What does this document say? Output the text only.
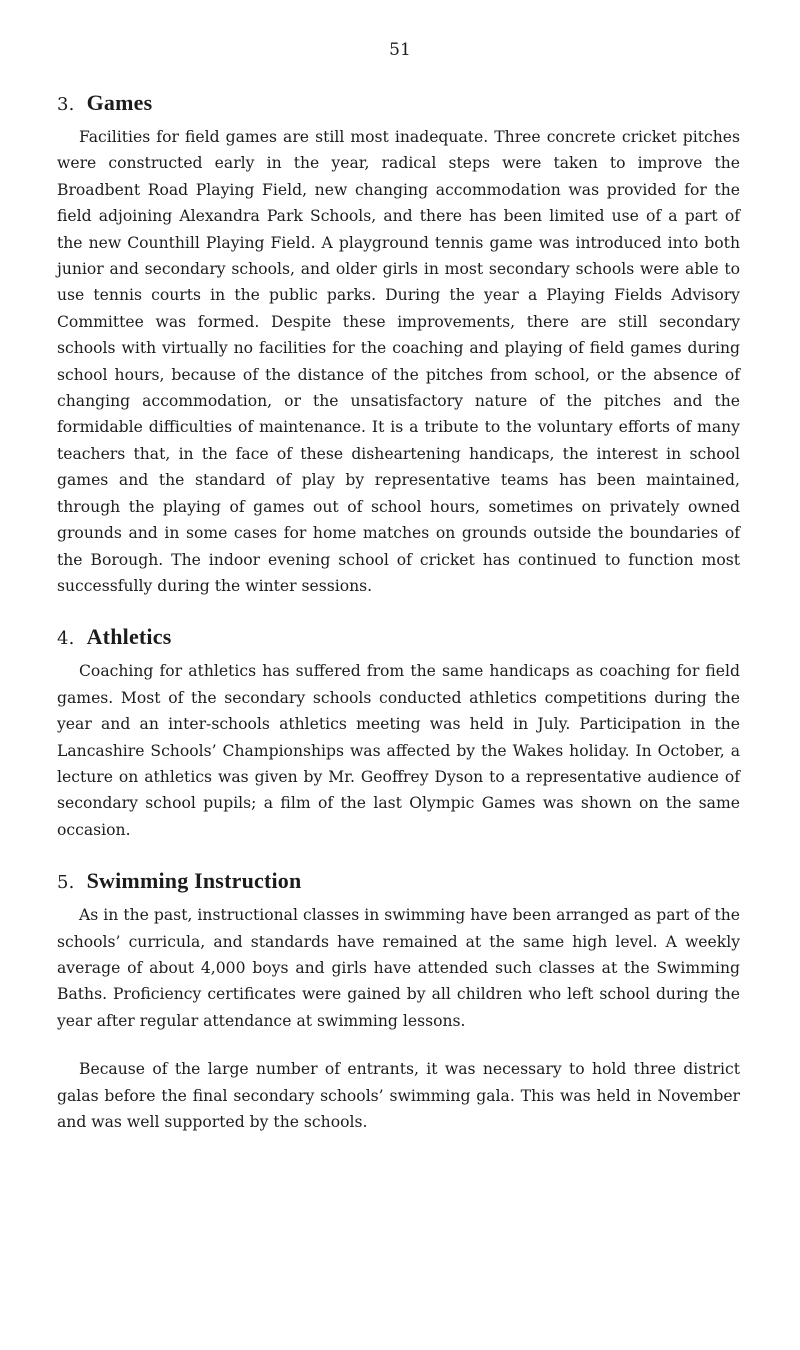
51
3. Games

Facilities for field games are still most inadequate. Three concrete cricket pitches were constructed early in the year, radical steps were taken to improve the Broadbent Road Playing Field, new changing accommodation was provided for the field adjoining Alexandra Park Schools, and there has been limited use of a part of the new Counthill Playing Field. A playground tennis game was introduced into both junior and secondary schools, and older girls in most secondary schools were able to use tennis courts in the public parks. During the year a Playing Fields Advisory Committee was formed. Despite these improvements, there are still secondary schools with virtually no facilities for the coaching and playing of field games during school hours, because of the distance of the pitches from school, or the absence of changing accommodation, or the unsatisfactory nature of the pitches and the formidable difficulties of maintenance. It is a tribute to the voluntary efforts of many teachers that, in the face of these disheartening handicaps, the interest in school games and the standard of play by representative teams has been maintained, through the playing of games out of school hours, sometimes on privately owned grounds and in some cases for home matches on grounds outside the boundaries of the Borough. The indoor evening school of cricket has continued to function most successfully during the winter sessions.

4. Athletics

Coaching for athletics has suffered from the same handicaps as coaching for field games. Most of the secondary schools conducted athletics competitions during the year and an inter-schools athletics meeting was held in July. Participation in the Lancashire Schools’ Championships was affected by the Wakes holiday. In October, a lecture on athletics was given by Mr. Geoffrey Dyson to a representative audience of secondary school pupils; a film of the last Olympic Games was shown on the same occasion.

5. Swimming Instruction

As in the past, instructional classes in swimming have been arranged as part of the schools’ curricula, and standards have remained at the same high level. A weekly average of about 4,000 boys and girls have attended such classes at the Swimming Baths. Proficiency certificates were gained by all children who left school during the year after regular attendance at swimming lessons.

Because of the large number of entrants, it was necessary to hold three district galas before the final secondary schools’ swimming gala. This was held in November and was well supported by the schools.
